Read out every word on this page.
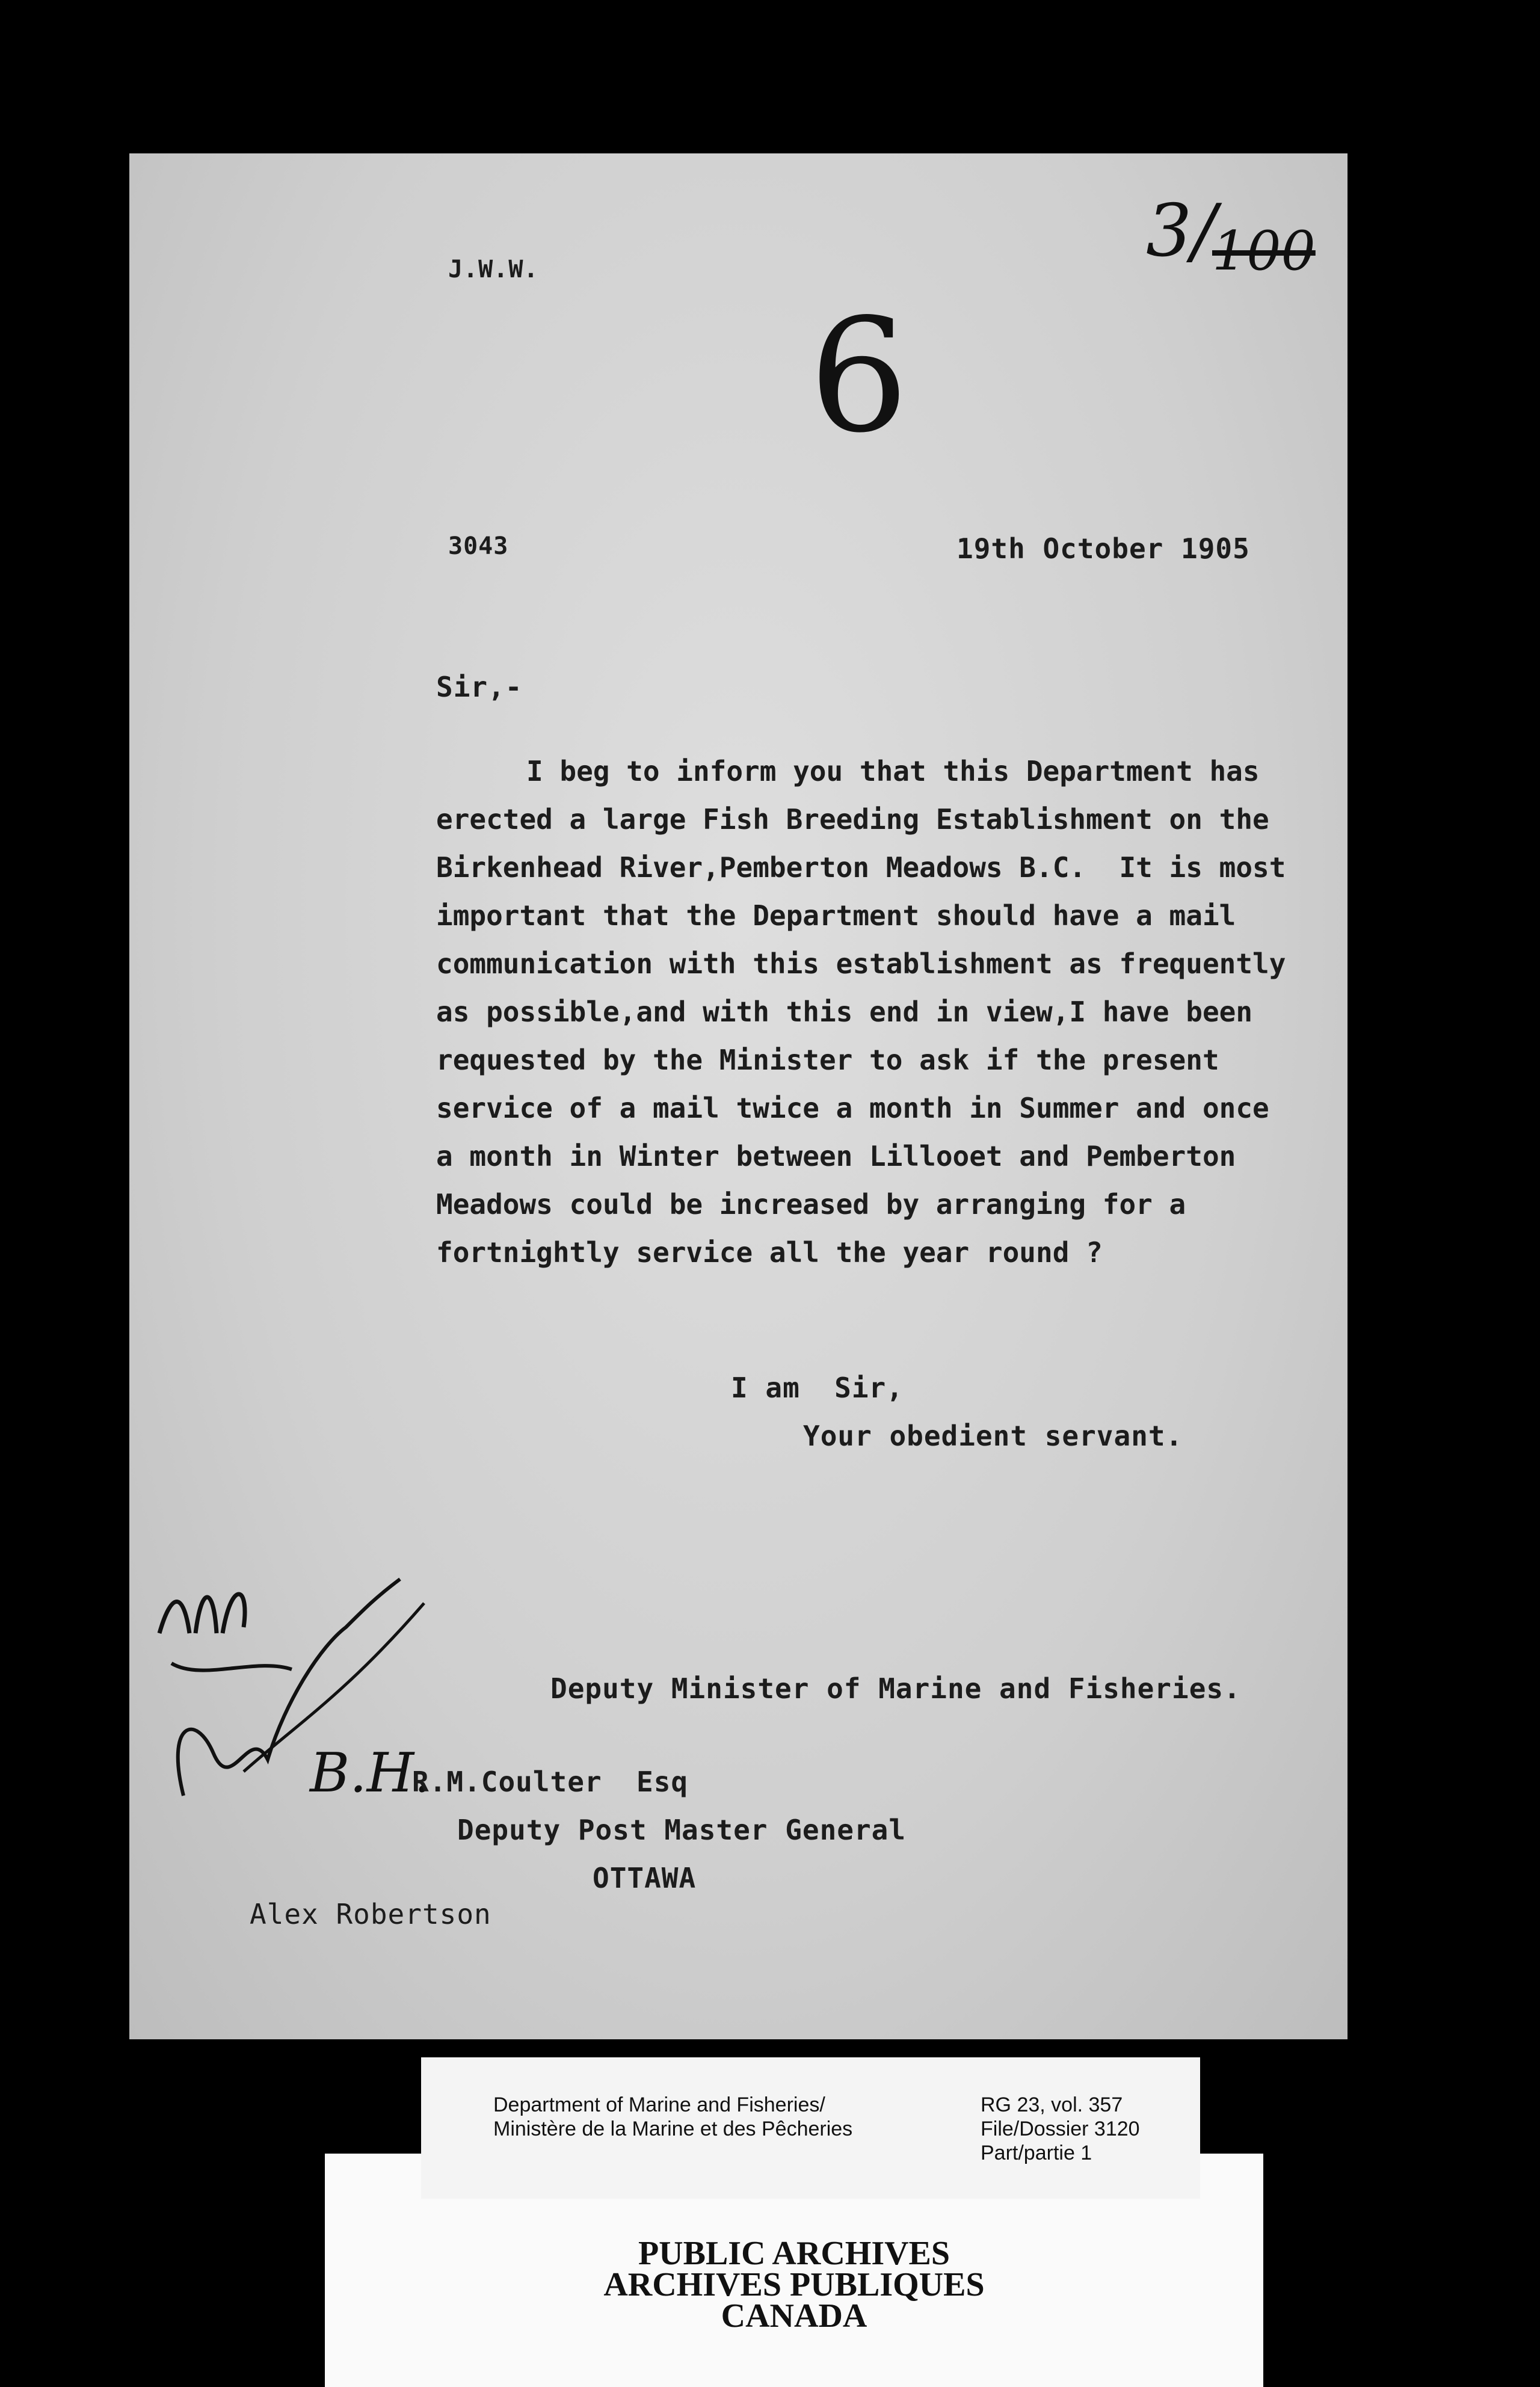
J.W.W.	3/
100
6
3043	19th October 1905
Sir,-
I beg to inform you that this Department has
erected a large Fish Breeding Establishment on the
Birkenhead River,Pemberton Meadows B.C.  It is most
important that the Department should have a mail
communication with this establishment as frequently
as possible,and with this end in view,I have been
requested by the Minister to ask if the present
service of a mail twice a month in Summer and once
a month in Winter between Lillooet and Pemberton
Meadows could be increased by arranging for a
fortnightly service all the year round ?
I am  Sir,
Your obedient servant.
B.H.
Deputy Minister of Marine and Fisheries.
R.M.Coulter  Esq
Deputy Post Master General
OTTAWA
Alex Robertson
PUBLIC ARCHIVES
ARCHIVES PUBLIQUES
CANADA
Department of Marine and Fisheries/
Ministère de la Marine et des Pêcheries
RG 23, vol. 357
File/Dossier 3120
Part/partie 1
